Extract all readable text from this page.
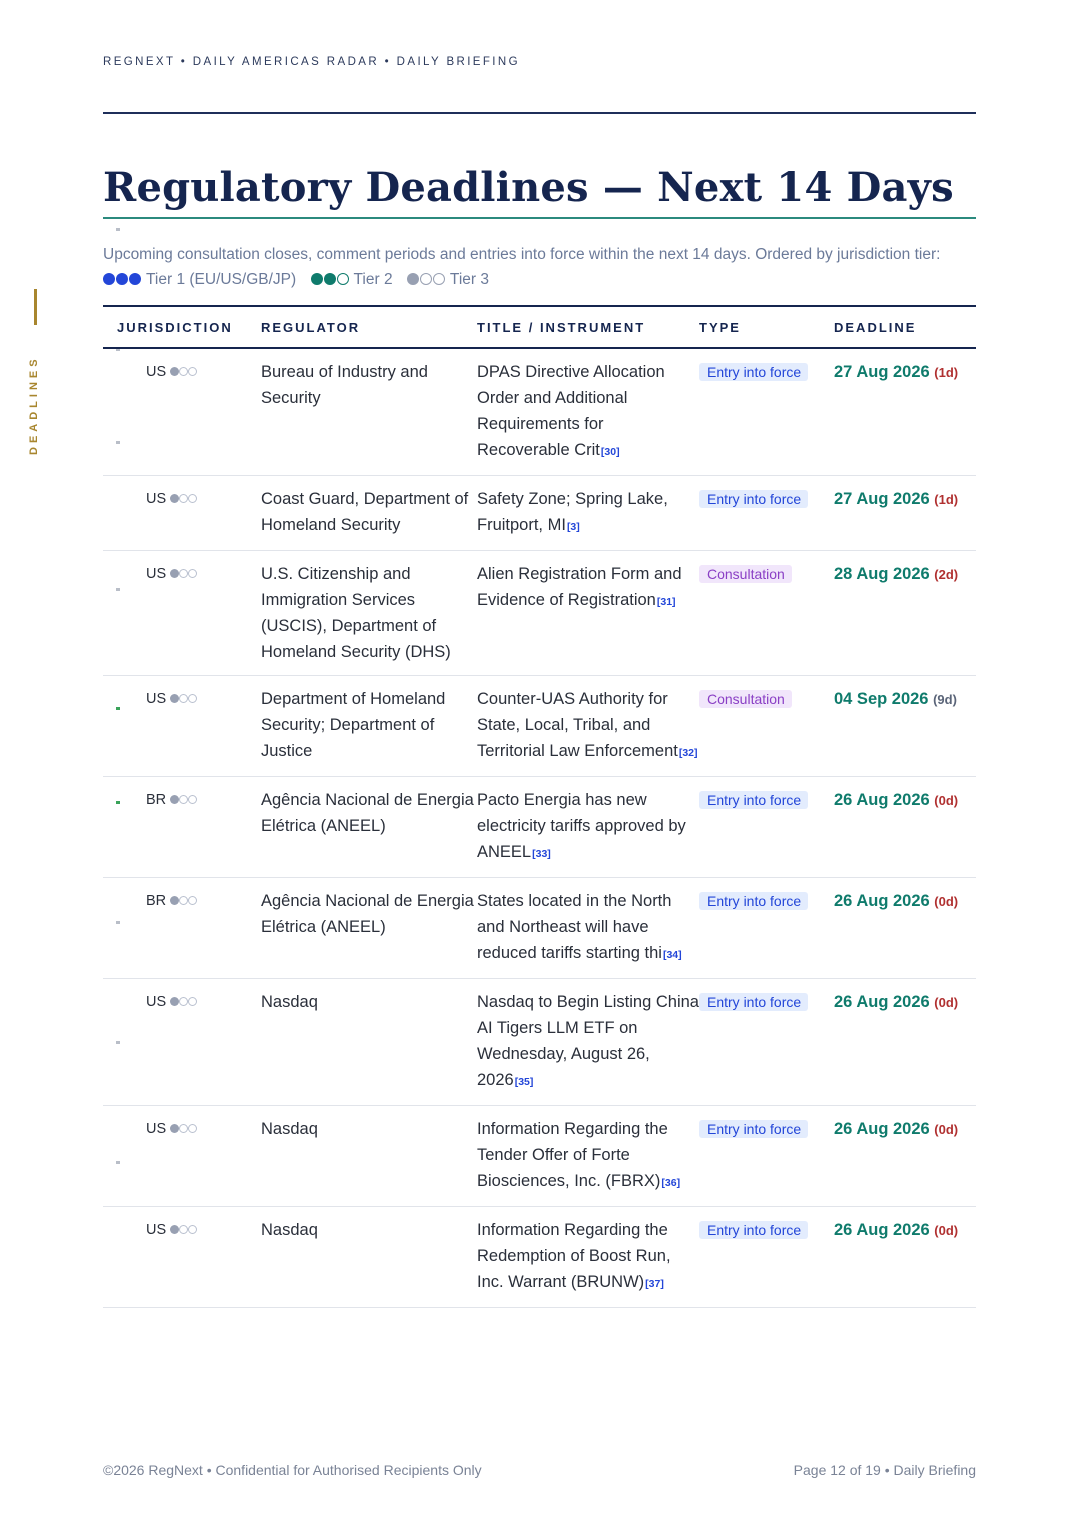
REGNEXT • DAILY AMERICAS RADAR • DAILY BRIEFING
DEADLINES
Regulatory Deadlines — Next 14 Days
Upcoming consultation closes, comment periods and entries into force within the next 14 days. Ordered by jurisdiction tier:
Tier 1 (EU/US/GB/JP)	Tier 2	Tier 3
JURISDICTION	REGULATOR	TITLE / INSTRUMENT	TYPE	DEADLINE
US	Bureau of Industry and Security	DPAS Directive Allocation Order and Additional Requirements for Recoverable Crit[30]	Entry into force	27 Aug 2026 (1d)
US	Coast Guard, Department of Homeland Security	Safety Zone; Spring Lake, Fruitport, MI[3]	Entry into force	27 Aug 2026 (1d)
US	U.S. Citizenship and Immigration Services (USCIS), Department of Homeland Security (DHS)	Alien Registration Form and Evidence of Registration[31]	Consultation	28 Aug 2026 (2d)
US	Department of Homeland Security; Department of Justice	Counter-UAS Authority for State, Local, Tribal, and Territorial Law Enforcement[32]	Consultation	04 Sep 2026 (9d)
BR	Agência Nacional de Energia Elétrica (ANEEL)	Pacto Energia has new electricity tariffs approved by ANEEL[33]	Entry into force	26 Aug 2026 (0d)
BR	Agência Nacional de Energia Elétrica (ANEEL)	States located in the North and Northeast will have reduced tariffs starting thi[34]	Entry into force	26 Aug 2026 (0d)
US	Nasdaq	Nasdaq to Begin Listing China AI Tigers LLM ETF on Wednesday, August 26, 2026[35]	Entry into force	26 Aug 2026 (0d)
US	Nasdaq	Information Regarding the Tender Offer of Forte Biosciences, Inc. (FBRX)[36]	Entry into force	26 Aug 2026 (0d)
US	Nasdaq	Information Regarding the Redemption of Boost Run, Inc. Warrant (BRUNW)[37]	Entry into force	26 Aug 2026 (0d)
©2026 RegNext • Confidential for Authorised Recipients Only	Page 12 of 19 • Daily Briefing
